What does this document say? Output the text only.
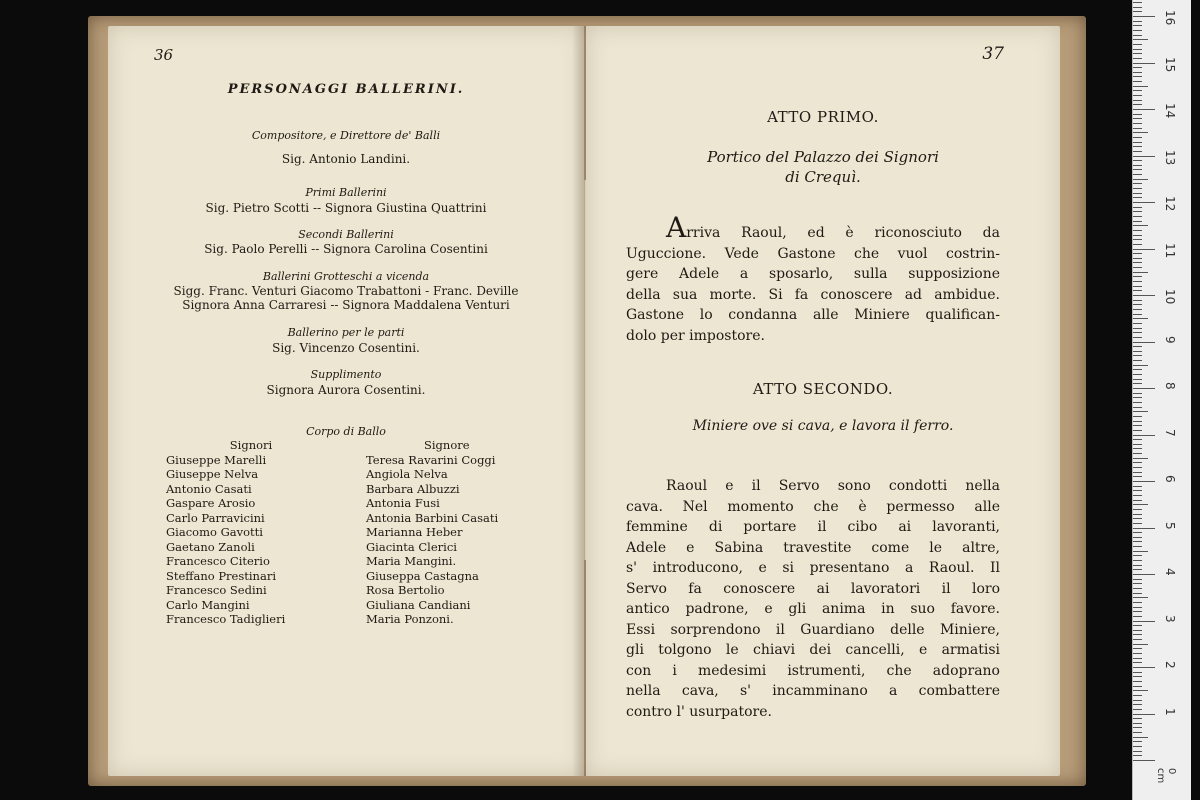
36
PERSONAGGI BALLERINI.
Compositore, e Direttore de' Balli
Sig. Antonio Landini.
Primi Ballerini
Sig. Pietro Scotti -- Signora Giustina Quattrini
Secondi Ballerini
Sig. Paolo Perelli -- Signora Carolina Cosentini
Ballerini Grotteschi a vicenda
Sigg. Franc. Venturi Giacomo Trabattoni - Franc. Deville
Signora Anna Carraresi -- Signora Maddalena Venturi
Ballerino per le parti
Sig. Vincenzo Cosentini.
Supplimento
Signora Aurora Cosentini.
Corpo di Ballo
Signori
Giuseppe Marelli
Giuseppe Nelva
Antonio Casati
Gaspare Arosio
Carlo Parravicini
Giacomo Gavotti
Gaetano Zanoli
Francesco Citerio
Steffano Prestinari
Francesco Sedini
Carlo Mangini
Francesco Tadiglieri
Signore
Teresa Ravarini Coggi
Angiola Nelva
Barbara Albuzzi
Antonia Fusi
Antonia Barbini Casati
Marianna Heber
Giacinta Clerici
Maria Mangini.
Giuseppa Castagna
Rosa Bertolio
Giuliana Candiani
Maria Ponzoni.
37
ATTO PRIMO.
Portico del Palazzo dei Signori
di Crequì.
Arriva Raoul, ed è riconosciuto da
Uguccione. Vede Gastone che vuol costrin-
gere Adele a sposarlo, sulla supposizione
della sua morte. Si fa conoscere ad ambidue.
Gastone lo condanna alle Miniere qualifican-
dolo per impostore.
ATTO SECONDO.
Miniere ove si cava, e lavora il ferro.
Raoul e il Servo sono condotti nella
cava. Nel momento che è permesso alle
femmine di portare il cibo ai lavoranti,
Adele e Sabina travestite come le altre,
s' introducono, e si presentano a Raoul. Il
Servo fa conoscere ai lavoratori il loro
antico padrone, e gli anima in suo favore.
Essi sorprendono il Guardiano delle Miniere,
gli tolgono le chiavi dei cancelli, e armatisi
con i medesimi istrumenti, che adoprano
nella cava, s' incamminano a combattere
contro l' usurpatore.
16
15
14
13
12
11
10
9
8
7
6
5
4
3
2
1
0 cm
